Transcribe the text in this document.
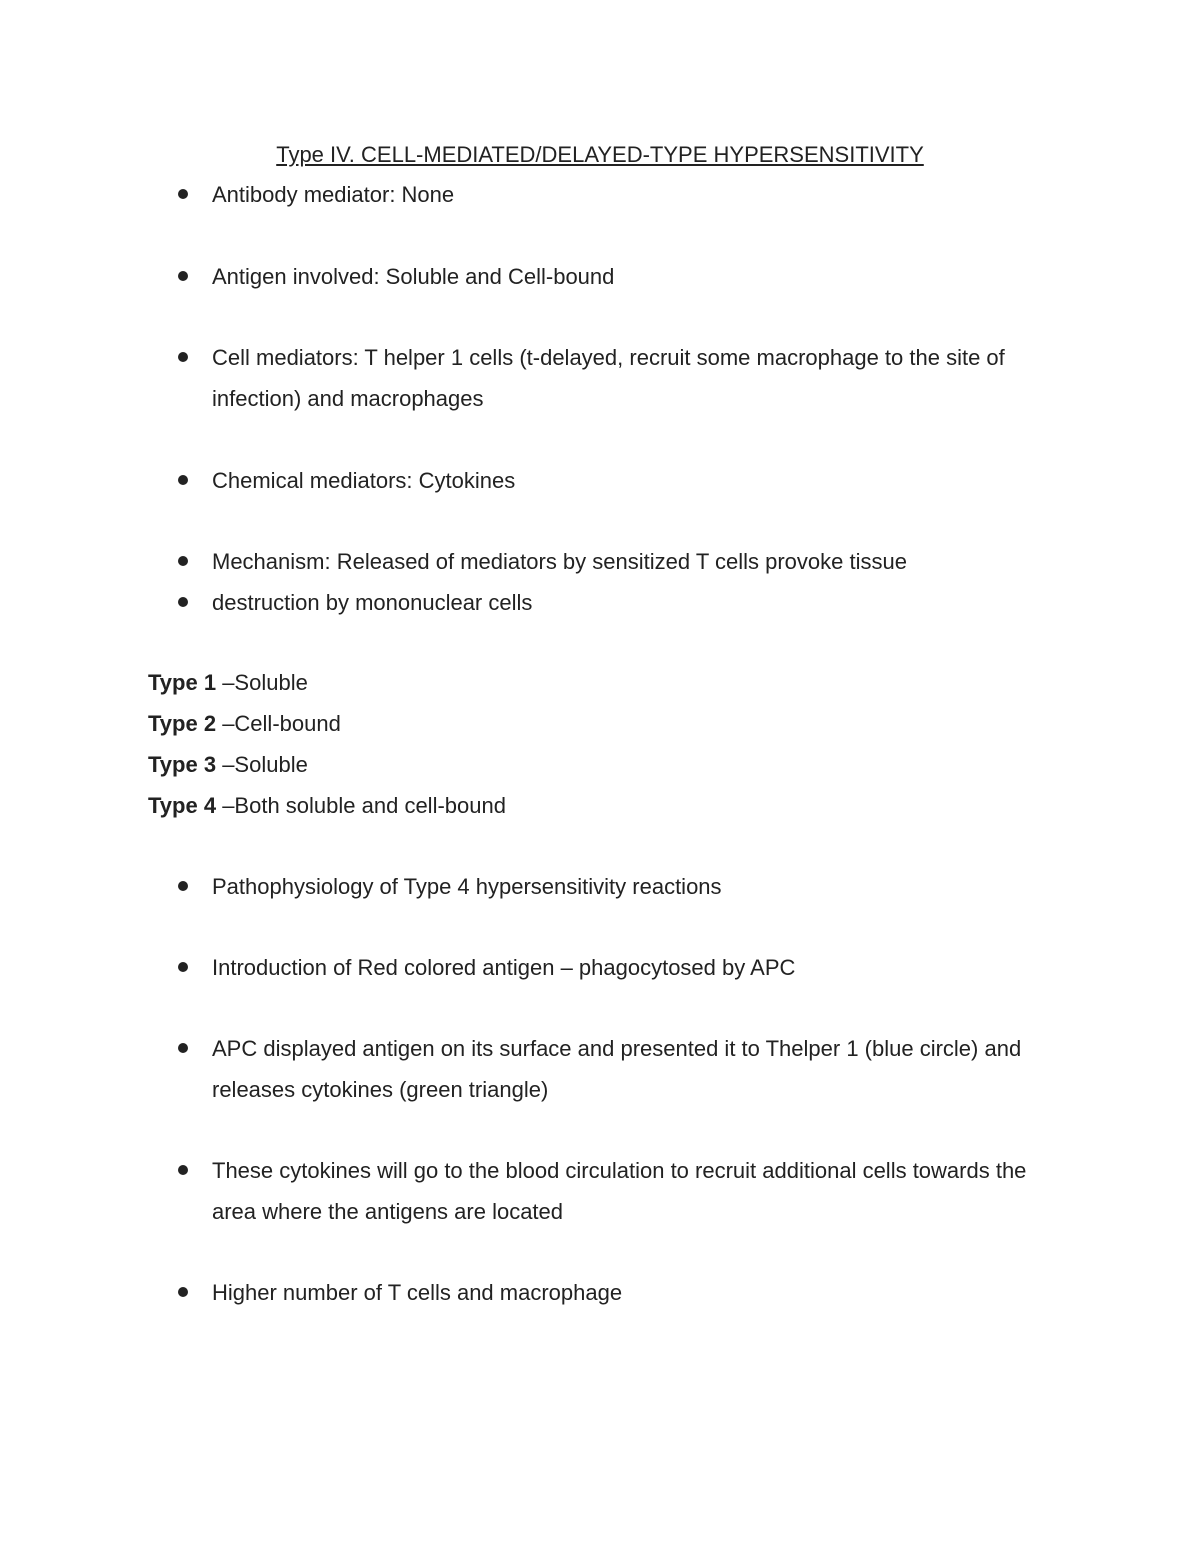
Type IV. CELL-MEDIATED/DELAYED-TYPE HYPERSENSITIVITY
Antibody mediator: None
Antigen involved: Soluble and Cell-bound
Cell mediators: T helper 1 cells (t-delayed, recruit some macrophage to the site of infection) and macrophages
Chemical mediators: Cytokines
Mechanism: Released of mediators by sensitized T cells provoke tissue
destruction by mononuclear cells
Type 1 –Soluble
Type 2 –Cell-bound
Type 3 –Soluble
Type 4 –Both soluble and cell-bound
Pathophysiology of Type 4 hypersensitivity reactions
Introduction of Red colored antigen – phagocytosed by APC
APC displayed antigen on its surface and presented it to Thelper 1 (blue circle) and releases cytokines (green triangle)
These cytokines will go to the blood circulation to recruit additional cells towards the area where the antigens are located
Higher number of T cells and macrophage
